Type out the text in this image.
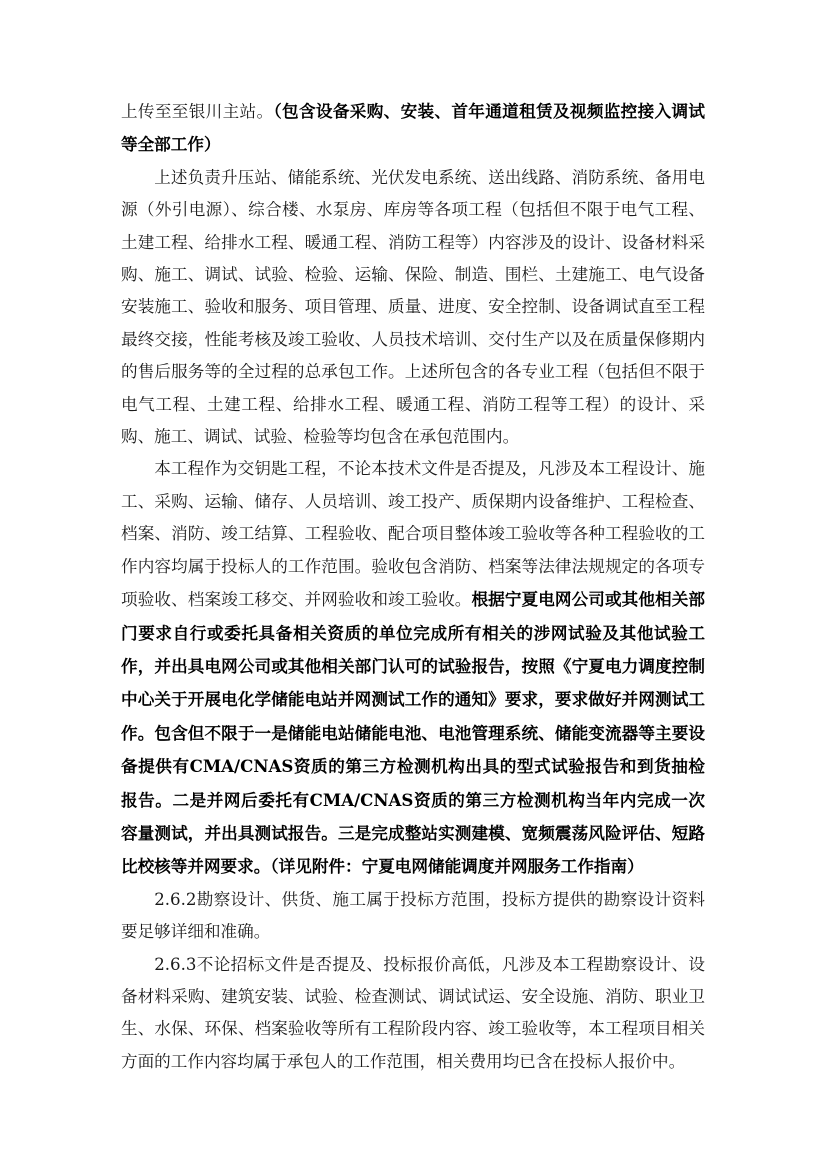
上传至至银川主站。（包含设备采购、安装、首年通道租赁及视频监控接入调试等全部工作）

上述负责升压站、储能系统、光伏发电系统、送出线路、消防系统、备用电源（外引电源）、综合楼、水泵房、库房等各项工程（包括但不限于电气工程、土建工程、给排水工程、暖通工程、消防工程等）内容涉及的设计、设备材料采购、施工、调试、试验、检验、运输、保险、制造、围栏、土建施工、电气设备安装施工、验收和服务、项目管理、质量、进度、安全控制、设备调试直至工程最终交接，性能考核及竣工验收、人员技术培训、交付生产以及在质量保修期内的售后服务等的全过程的总承包工作。上述所包含的各专业工程（包括但不限于电气工程、土建工程、给排水工程、暖通工程、消防工程等工程）的设计、采购、施工、调试、试验、检验等均包含在承包范围内。

本工程作为交钥匙工程，不论本技术文件是否提及，凡涉及本工程设计、施工、采购、运输、储存、人员培训、竣工投产、质保期内设备维护、工程检查、档案、消防、竣工结算、工程验收、配合项目整体竣工验收等各种工程验收的工作内容均属于投标人的工作范围。验收包含消防、档案等法律法规规定的各项专项验收、档案竣工移交、并网验收和竣工验收。根据宁夏电网公司或其他相关部门要求自行或委托具备相关资质的单位完成所有相关的涉网试验及其他试验工作，并出具电网公司或其他相关部门认可的试验报告，按照《宁夏电力调度控制中心关于开展电化学储能电站并网测试工作的通知》要求，要求做好并网测试工作。包含但不限于一是储能电站储能电池、电池管理系统、储能变流器等主要设备提供有CMA/CNAS资质的第三方检测机构出具的型式试验报告和到货抽检报告。二是并网后委托有CMA/CNAS资质的第三方检测机构当年内完成一次容量测试，并出具测试报告。三是完成整站实测建模、宽频震荡风险评估、短路比校核等并网要求。（详见附件：宁夏电网储能调度并网服务工作指南）

2.6.2勘察设计、供货、施工属于投标方范围，投标方提供的勘察设计资料要足够详细和准确。

2.6.3不论招标文件是否提及、投标报价高低，凡涉及本工程勘察设计、设备材料采购、建筑安装、试验、检查测试、调试试运、安全设施、消防、职业卫生、水保、环保、档案验收等所有工程阶段内容、竣工验收等，本工程项目相关方面的工作内容均属于承包人的工作范围，相关费用均已含在投标人报价中。
